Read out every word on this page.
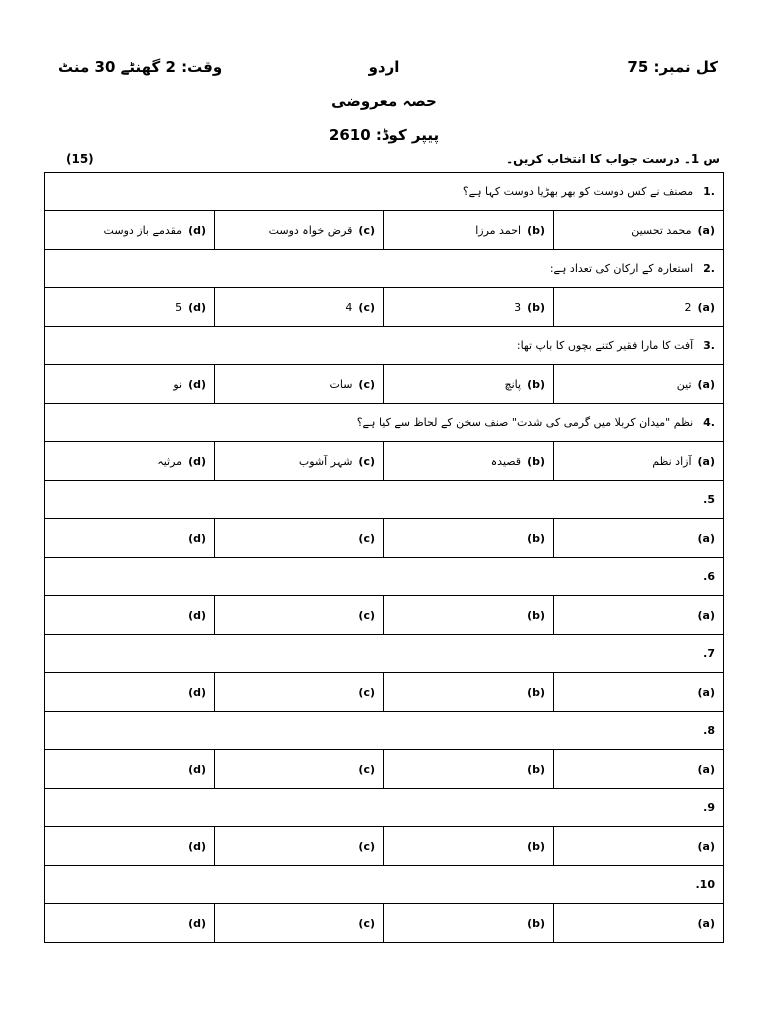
کل نمبر: 75
اردو
وقت: 2 گھنٹے 30 منٹ
حصہ معروضی
پیپر کوڈ: 2610
س 1۔ درست جواب کا انتخاب کریں۔
(15)
1.مصنف نے کس دوست کو بھر بھڑیا دوست کہا ہے؟			
(d)مقدمے باز دوست	(c)قرض خواہ دوست	(b)احمد مرزا	(a)محمد تحسین
2.استعارہ کے ارکان کی تعداد ہے:			
(d)5	(c)4	(b)3	(a)2
3.آفت کا مارا فقیر کتنے بچوں کا باپ تھا:			
(d)نو	(c)سات	(b)پانچ	(a)تین
4.نظم "میدان کربلا میں گرمی کی شدت" صنف سخن کے لحاظ سے کیا ہے؟			
(d)مرثیہ	(c)شہر آشوب	(b)قصیدہ	(a)آزاد نظم
.5			
(d)	(c)	(b)	(a)
.6			
(d)	(c)	(b)	(a)
.7			
(d)	(c)	(b)	(a)
.8			
(d)	(c)	(b)	(a)
.9			
(d)	(c)	(b)	(a)
.10			
(d)	(c)	(b)	(a)
